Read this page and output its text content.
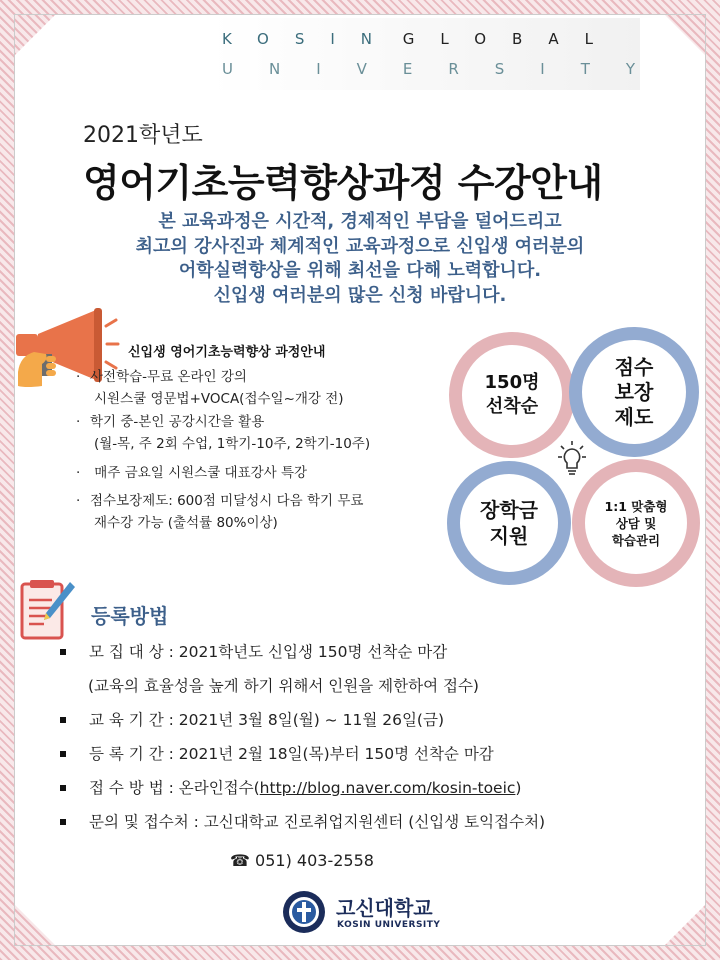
KOSIN GLOBAL
UNIVERSITY
2021학년도
영어기초능력향상과정 수강안내
본 교육과정은 시간적, 경제적인 부담을 덜어드리고
최고의 강사진과 체계적인 교육과정으로 신입생 여러분의
어학실력향상을 위해 최선을 다해 노력합니다.
신입생 여러분의 많은 신청 바랍니다.
신입생 영어기초능력향상 과정안내
· 사전학습-무료 온라인 강의
시원스쿨 영문법+VOCA(접수일~개강 전)
· 학기 중-본인 공강시간을 활용
(월-목, 주 2회 수업, 1학기-10주, 2학기-10주)
· 매주 금요일 시원스쿨 대표강사 특강
· 점수보장제도: 600점 미달성시 다음 학기 무료
재수강 가능 (출석률 80%이상)
150명
선착순
점수
보장
제도
장학금
지원
1:1 맞춤형
상담 및
학습관리
등록방법
모 집 대 상 : 2021학년도 신입생 150명 선착순 마감
(교육의 효율성을 높게 하기 위해서 인원을 제한하여 접수)
교 육 기 간 : 2021년 3월 8일(월) ~ 11월 26일(금)
등 록 기 간 : 2021년 2월 18일(목)부터 150명 선착순 마감
접 수 방 법 : 온라인접수(http://blog.naver.com/kosin-toeic)
문의 및 접수처 : 고신대학교 진로취업지원센터 (신입생 토익접수처)
☎ 051) 403-2558
고신대학교
KOSIN UNIVERSITY
